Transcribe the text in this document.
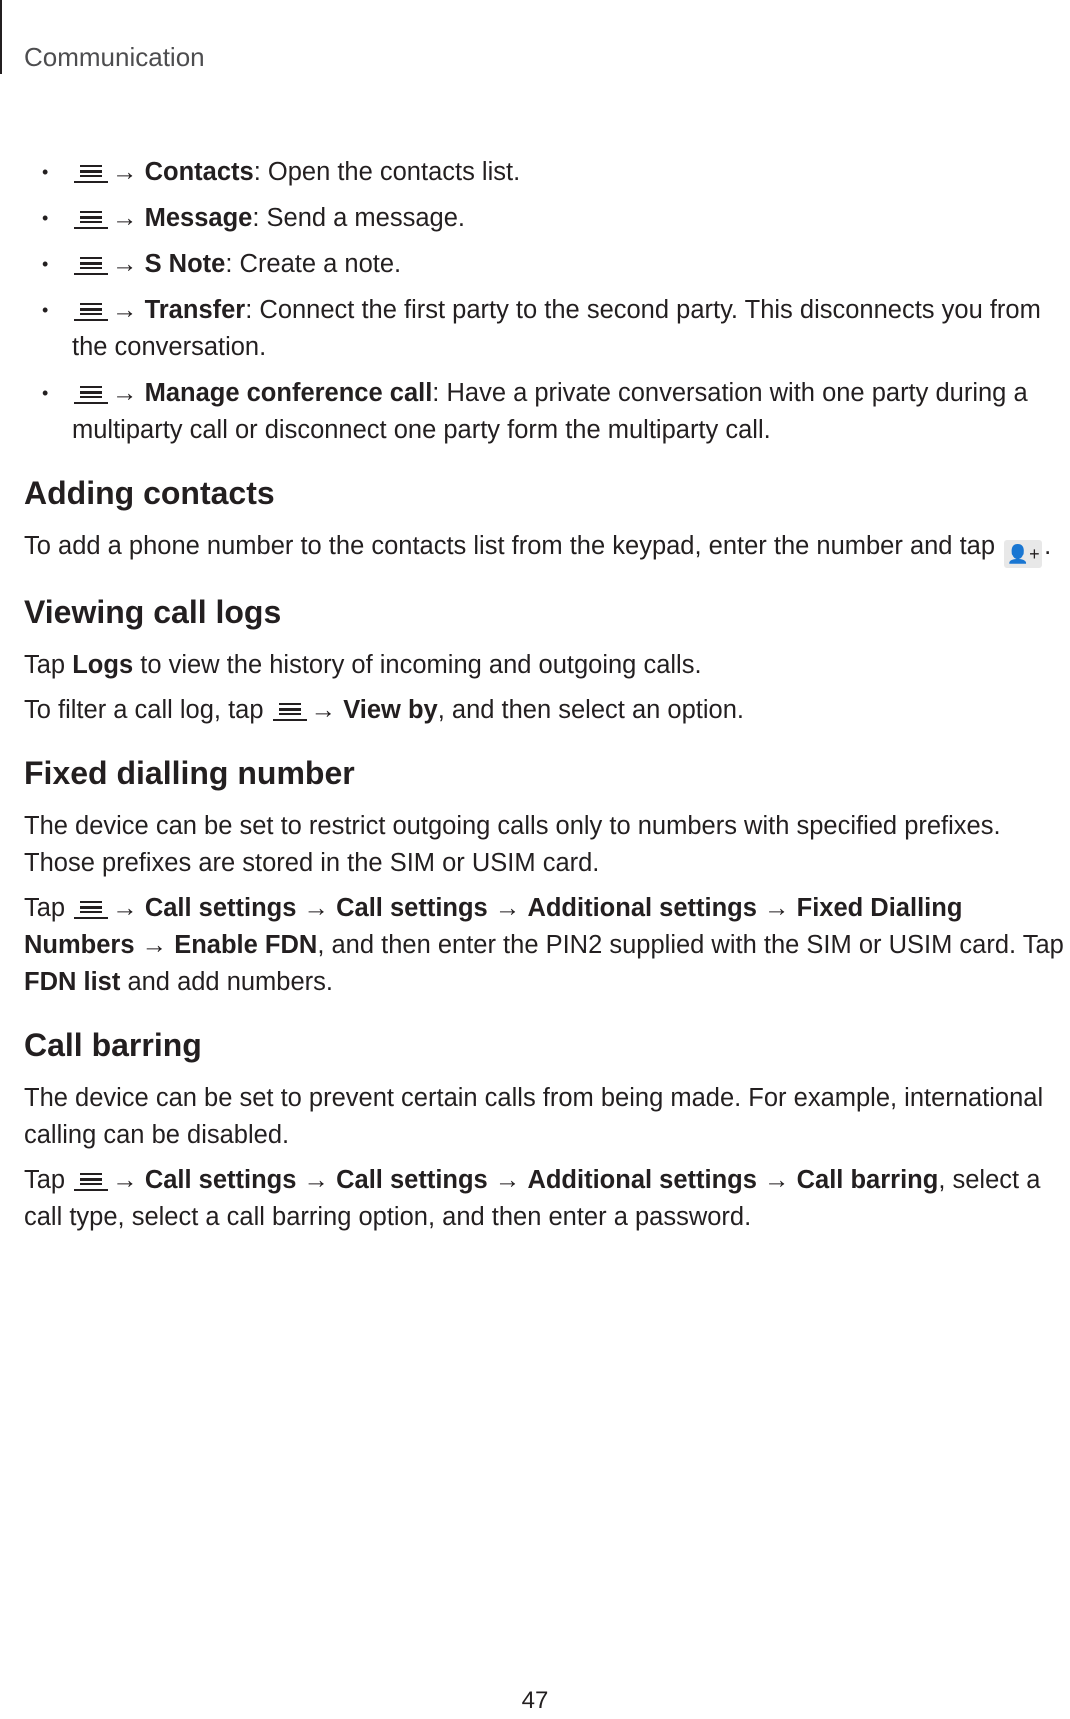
Communication
• → Contacts: Open the contacts list.
• → Message: Send a message.
• → S Note: Create a note.
• → Transfer: Connect the first party to the second party. This disconnects you from the conversation.
• → Manage conference call: Have a private conversation with one party during a multiparty call or disconnect one party form the multiparty call.
Adding contacts

To add a phone number to the contacts list from the keypad, enter the number and tap 👤+ .

Viewing call logs

Tap Logs to view the history of incoming and outgoing calls.

To filter a call log, tap → View by, and then select an option.

Fixed dialling number

The device can be set to restrict outgoing calls only to numbers with specified prefixes. Those prefixes are stored in the SIM or USIM card.

Tap → Call settings → Call settings → Additional settings → Fixed Dialling Numbers → Enable FDN, and then enter the PIN2 supplied with the SIM or USIM card. Tap FDN list and add numbers.

Call barring

The device can be set to prevent certain calls from being made. For example, international calling can be disabled.

Tap → Call settings → Call settings → Additional settings → Call barring, select a call type, select a call barring option, and then enter a password.

47
